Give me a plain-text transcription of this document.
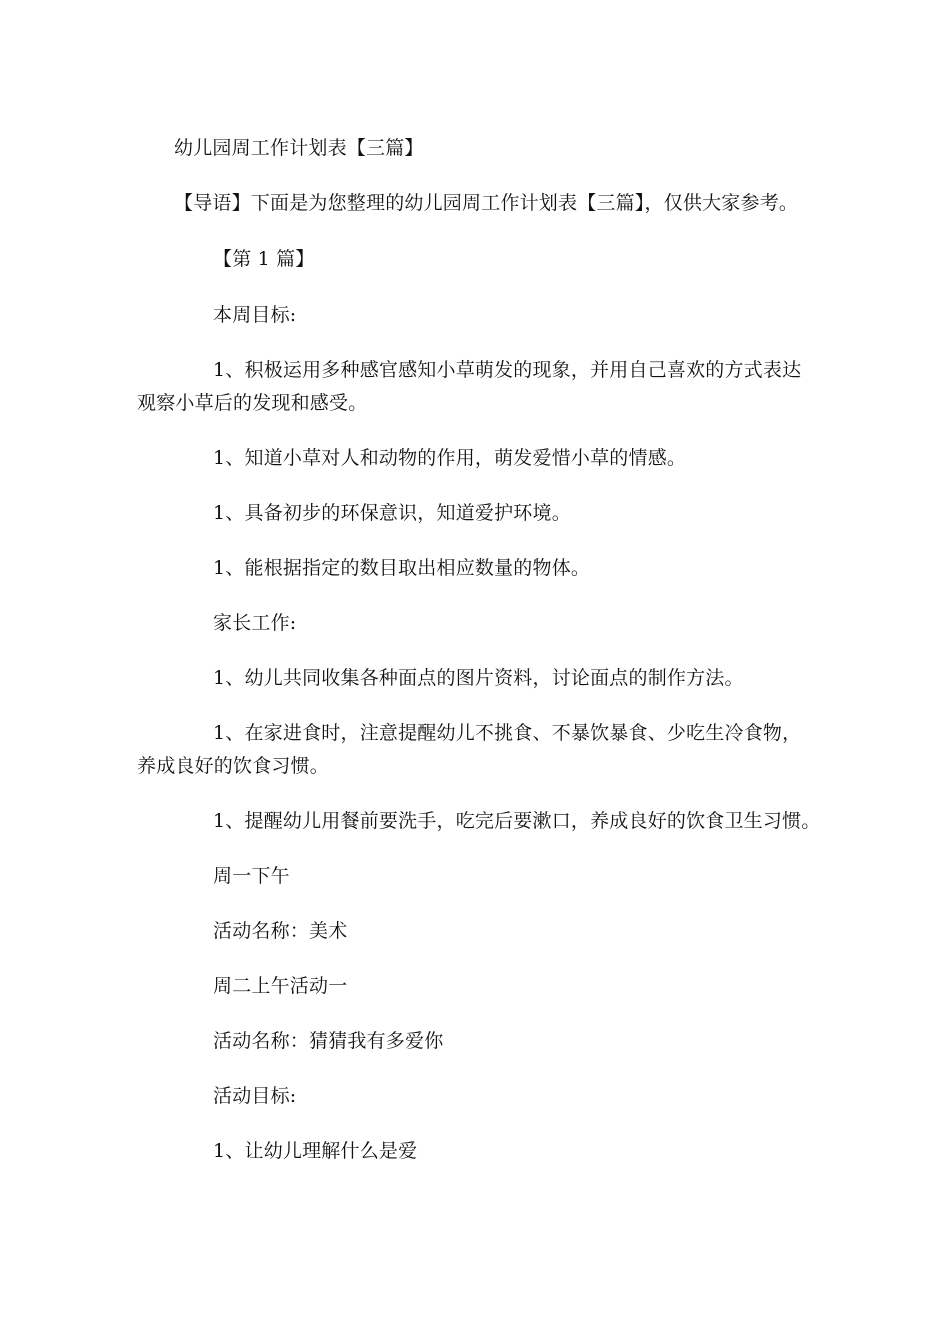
幼儿园周工作计划表【三篇】
【导语】下面是为您整理的幼儿园周工作计划表【三篇】，仅供大家参考。
【第 1 篇】
本周目标:
1、积极运用多种感官感知小草萌发的现象，并用自己喜欢的方式表达
观察小草后的发现和感受。
1、知道小草对人和动物的作用，萌发爱惜小草的情感。
1、具备初步的环保意识，知道爱护环境。
1、能根据指定的数目取出相应数量的物体。
家长工作:
1、幼儿共同收集各种面点的图片资料，讨论面点的制作方法。
1、在家进食时，注意提醒幼儿不挑食、不暴饮暴食、少吃生冷食物，
养成良好的饮食习惯。
1、提醒幼儿用餐前要洗手，吃完后要漱口，养成良好的饮食卫生习惯。
周一下午
活动名称：美术
周二上午活动一
活动名称：猜猜我有多爱你
活动目标:
1、让幼儿理解什么是爱
